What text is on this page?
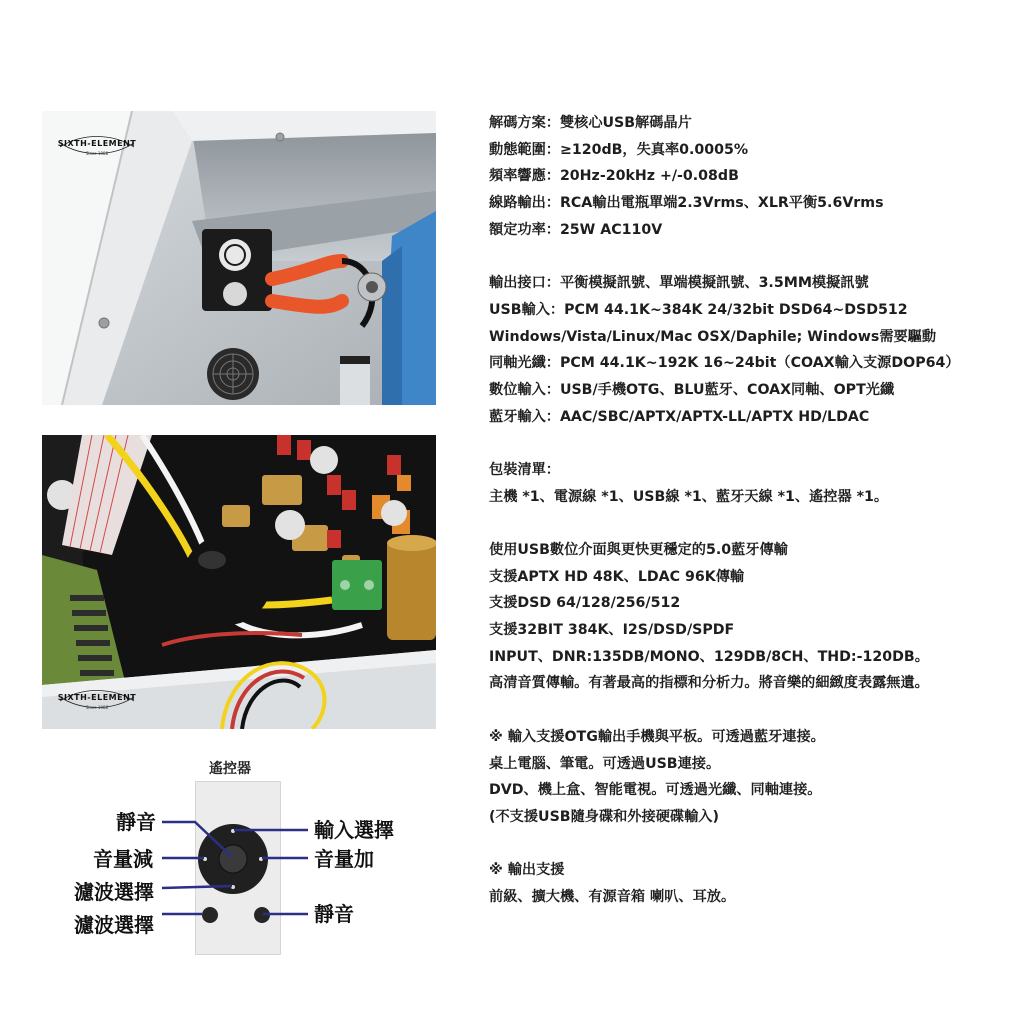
SIXTH-ELEMENT
Since 1988
SIXTH-ELEMENT
Since 1988
遙控器
靜音
音量減
濾波選擇
濾波選擇
輸入選擇
音量加
靜音
解碼方案：雙核心USB解碼晶片
動態範圍：≥120dB，失真率0.0005%
頻率響應：20Hz-20kHz +/-0.08dB
線路輸出：RCA輸出電瓶單端2.3Vrms、XLR平衡5.6Vrms
額定功率：25W AC110V
輸出接口：平衡模擬訊號、單端模擬訊號、3.5MM模擬訊號
USB輸入：PCM 44.1K~384K 24/32bit DSD64~DSD512
Windows/Vista/Linux/Mac OSX/Daphile; Windows需要驅動
同軸光纖：PCM 44.1K~192K 16~24bit（COAX輸入支源DOP64）
數位輸入：USB/手機OTG、BLU藍牙、COAX同軸、OPT光纖
藍牙輸入：AAC/SBC/APTX/APTX-LL/APTX HD/LDAC
包裝清單：
主機 *1、電源線 *1、USB線 *1、藍牙天線 *1、遙控器 *1。
使用USB數位介面與更快更穩定的5.0藍牙傳輸
支援APTX HD 48K、LDAC 96K傳輸
支援DSD 64/128/256/512
支援32BIT 384K、I2S/DSD/SPDF
INPUT、DNR:135DB/MONO、129DB/8CH、THD:-120DB。
高清音質傳輸。有著最高的指標和分析力。將音樂的細緻度表露無遺。
※ 輸入支援OTG輸出手機與平板。可透過藍牙連接。
桌上電腦、筆電。可透過USB連接。
DVD、機上盒、智能電視。可透過光纖、同軸連接。
(不支援USB隨身碟和外接硬碟輸入)
※ 輸出支援
前級、擴大機、有源音箱 喇叭、耳放。
